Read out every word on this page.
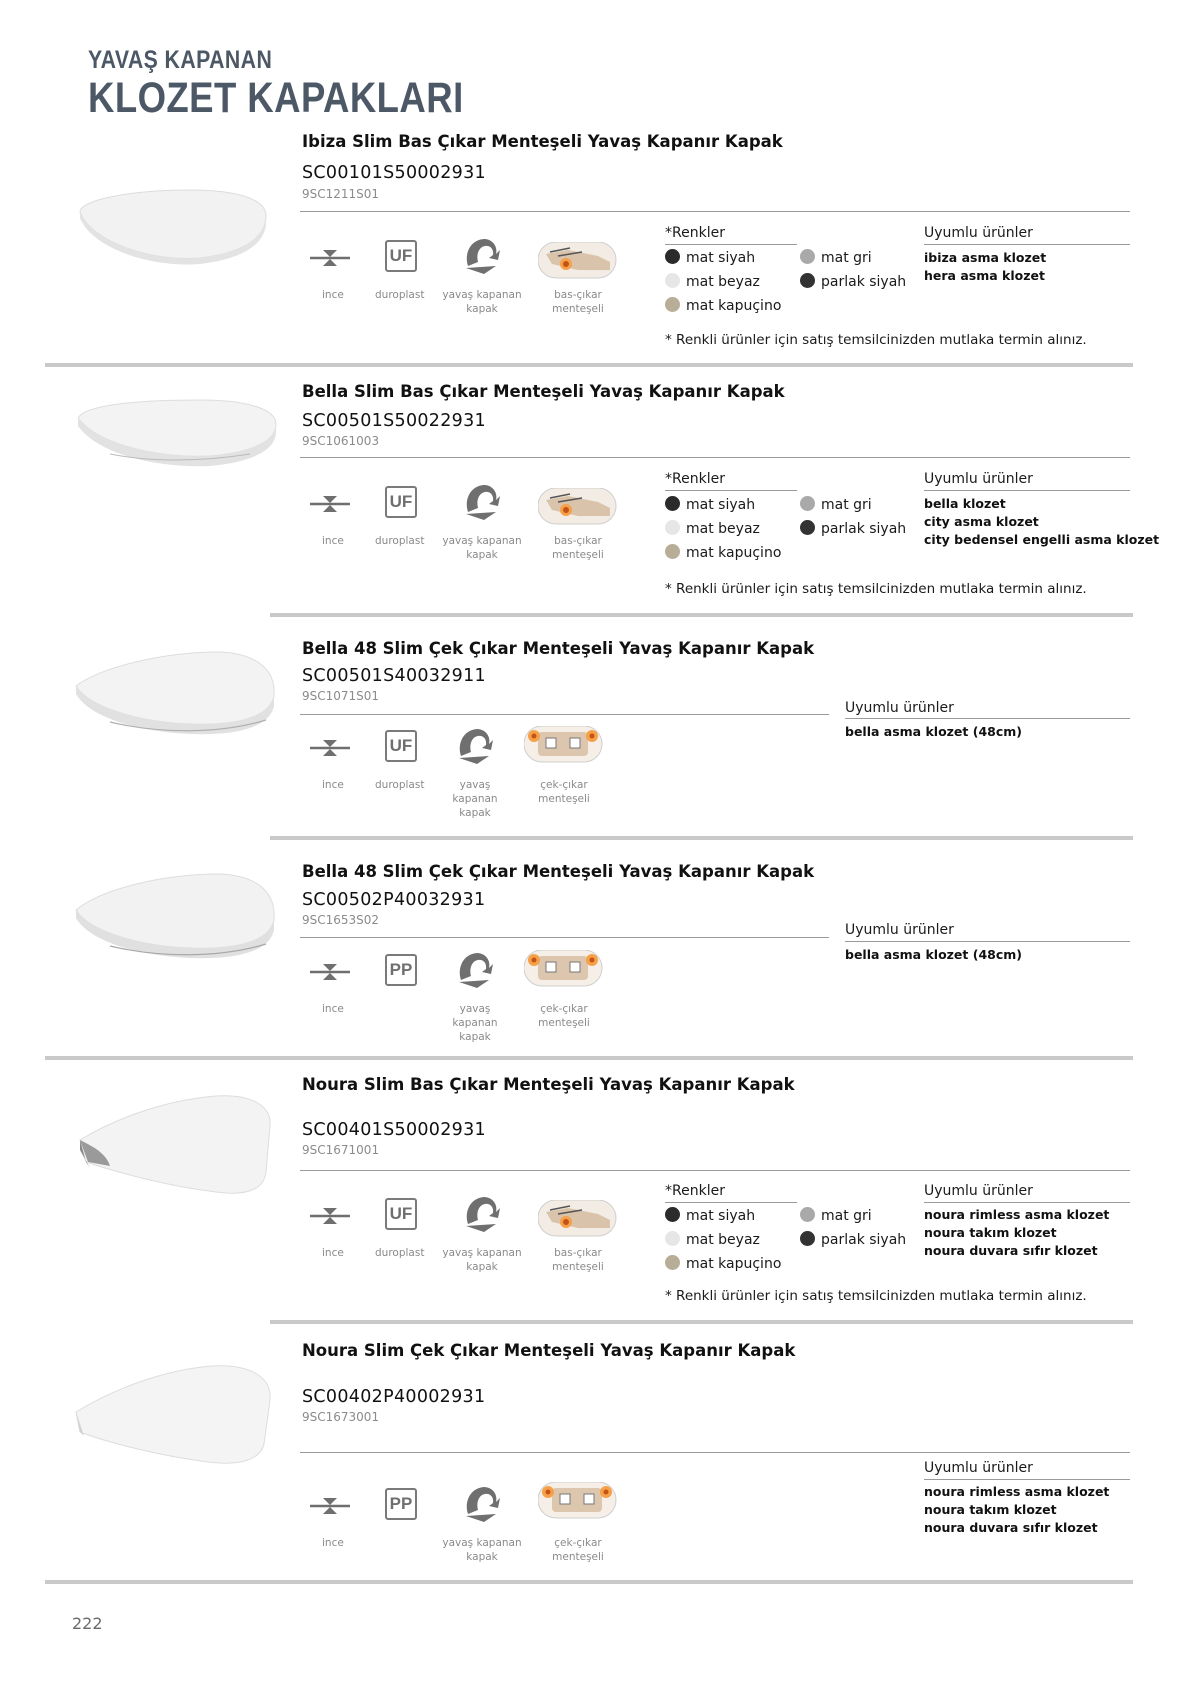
YAVAŞ KAPANAN
KLOZET KAPAKLARI
Ibiza Slim Bas Çıkar Menteşeli Yavaş Kapanır Kapak
SC00101S50002931
9SC1211S01
ince
UF
duroplast yavaş kapanan
kapak
bas-çıkar
menteşeli
*Renkler
mat siyah	mat gri
mat beyaz	parlak siyah
mat kapuçino
Uyumlu ürünler
ibiza asma klozet
hera asma klozet
* Renkli ürünler için satış temsilcinizden mutlaka termin alınız.
Bella Slim Bas Çıkar Menteşeli Yavaş Kapanır Kapak
SC00501S50022931
9SC1061003
ince
UF
duroplast yavaş kapanan
kapak
bas-çıkar
menteşeli
*Renkler
mat siyah	mat gri
mat beyaz	parlak siyah
mat kapuçino
Uyumlu ürünler
bella klozet
city asma klozet
city bedensel engelli asma klozet
* Renkli ürünler için satış temsilcinizden mutlaka termin alınız.
Bella 48 Slim Çek Çıkar Menteşeli Yavaş Kapanır Kapak
SC00501S40032911
9SC1071S01
ince
UF
duroplast	yavaş
kapanan
kapak
çek-çıkar
menteşeli
Uyumlu ürünler
bella asma klozet (48cm)
Bella 48 Slim Çek Çıkar Menteşeli Yavaş Kapanır Kapak
SC00502P40032931
9SC1653S02
ince
PP
yavaş
kapanan
kapak
çek-çıkar
menteşeli
Uyumlu ürünler
bella asma klozet (48cm)
Noura Slim Bas Çıkar Menteşeli Yavaş Kapanır Kapak
SC00401S50002931
9SC1671001
ince
UF
duroplast yavaş kapanan
kapak
bas-çıkar
menteşeli
*Renkler
mat siyah	mat gri
mat beyaz	parlak siyah
mat kapuçino
Uyumlu ürünler
noura rimless asma klozet
noura takım klozet
noura duvara sıfır klozet
* Renkli ürünler için satış temsilcinizden mutlaka termin alınız.
Noura Slim Çek Çıkar Menteşeli Yavaş Kapanır Kapak
SC00402P40002931
9SC1673001
ince
PP
yavaş kapanan
kapak
çek-çıkar
menteşeli
Uyumlu ürünler
noura rimless asma klozet
noura takım klozet
noura duvara sıfır klozet
222
